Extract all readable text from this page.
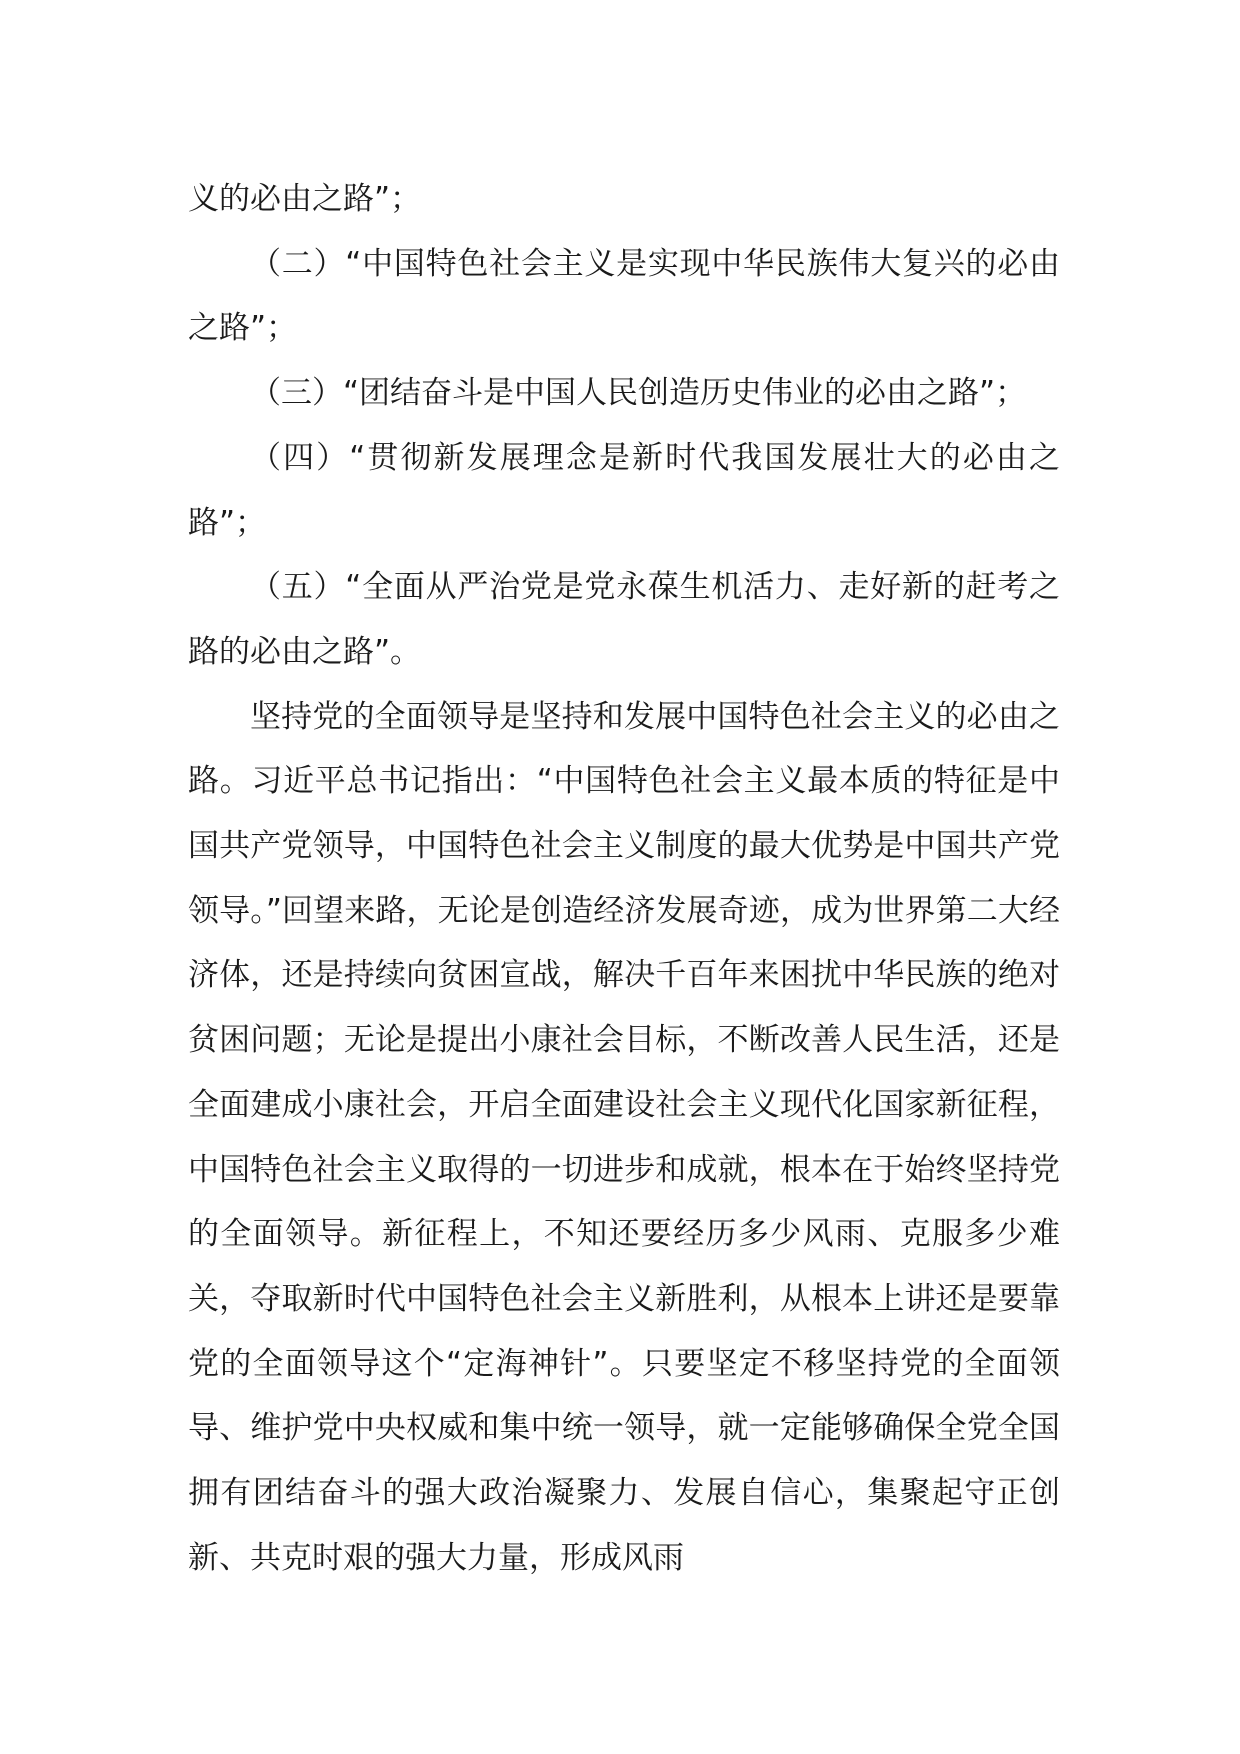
义的必由之路”；

（二）“中国特色社会主义是实现中华民族伟大复兴的必由之路”；

（三）“团结奋斗是中国人民创造历史伟业的必由之路”；

（四）“贯彻新发展理念是新时代我国发展壮大的必由之路”；

（五）“全面从严治党是党永葆生机活力、走好新的赶考之路的必由之路”。

坚持党的全面领导是坚持和发展中国特色社会主义的必由之路。习近平总书记指出：“中国特色社会主义最本质的特征是中国共产党领导，中国特色社会主义制度的最大优势是中国共产党领导。”回望来路，无论是创造经济发展奇迹，成为世界第二大经济体，还是持续向贫困宣战，解决千百年来困扰中华民族的绝对贫困问题；无论是提出小康社会目标，不断改善人民生活，还是全面建成小康社会，开启全面建设社会主义现代化国家新征程，中国特色社会主义取得的一切进步和成就，根本在于始终坚持党的全面领导。新征程上，不知还要经历多少风雨、克服多少难关，夺取新时代中国特色社会主义新胜利，从根本上讲还是要靠党的全面领导这个“定海神针”。只要坚定不移坚持党的全面领导、维护党中央权威和集中统一领导，就一定能够确保全党全国拥有团结奋斗的强大政治凝聚力、发展自信心，集聚起守正创新、共克时艰的强大力量，形成风雨
